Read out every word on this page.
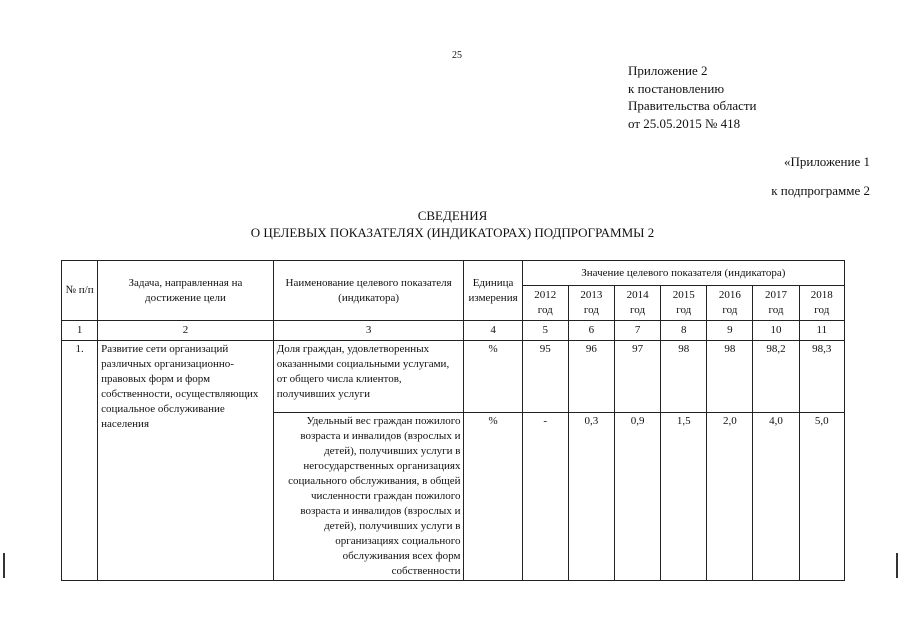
25
Приложение 2
к постановлению
Правительства области
от 25.05.2015 № 418
«Приложение 1
к подпрограмме 2
СВЕДЕНИЯ
О ЦЕЛЕВЫХ ПОКАЗАТЕЛЯХ (ИНДИКАТОРАХ) ПОДПРОГРАММЫ 2
№ п/п	Задача, направленная на достижение цели	Наименование целевого показателя (индикатора)	Единица измерения	Значение целевого показателя (индикатора)						
				2012 год	2013 год	2014 год	2015 год	2016 год	2017 год	2018 год
1	2	3	4	5	6	7	8	9	10	11
1.	Развитие сети организаций различных организационно-правовых форм и форм собственности, осуществляющих социальное обслуживание населения	Доля граждан, удовлетворенных оказанными социальными услугами, от общего числа клиентов, получивших услуги	%	95	96	97	98	98	98,2	98,3
		Удельный вес граждан пожилого возраста и инвалидов (взрослых и детей), получивших услуги в негосударственных организациях социального обслуживания, в общей численности граждан пожилого возраста и инвалидов (взрослых и детей), получивших услуги в организациях социального обслуживания всех форм собственности	%	-	0,3	0,9	1,5	2,0	4,0	5,0
